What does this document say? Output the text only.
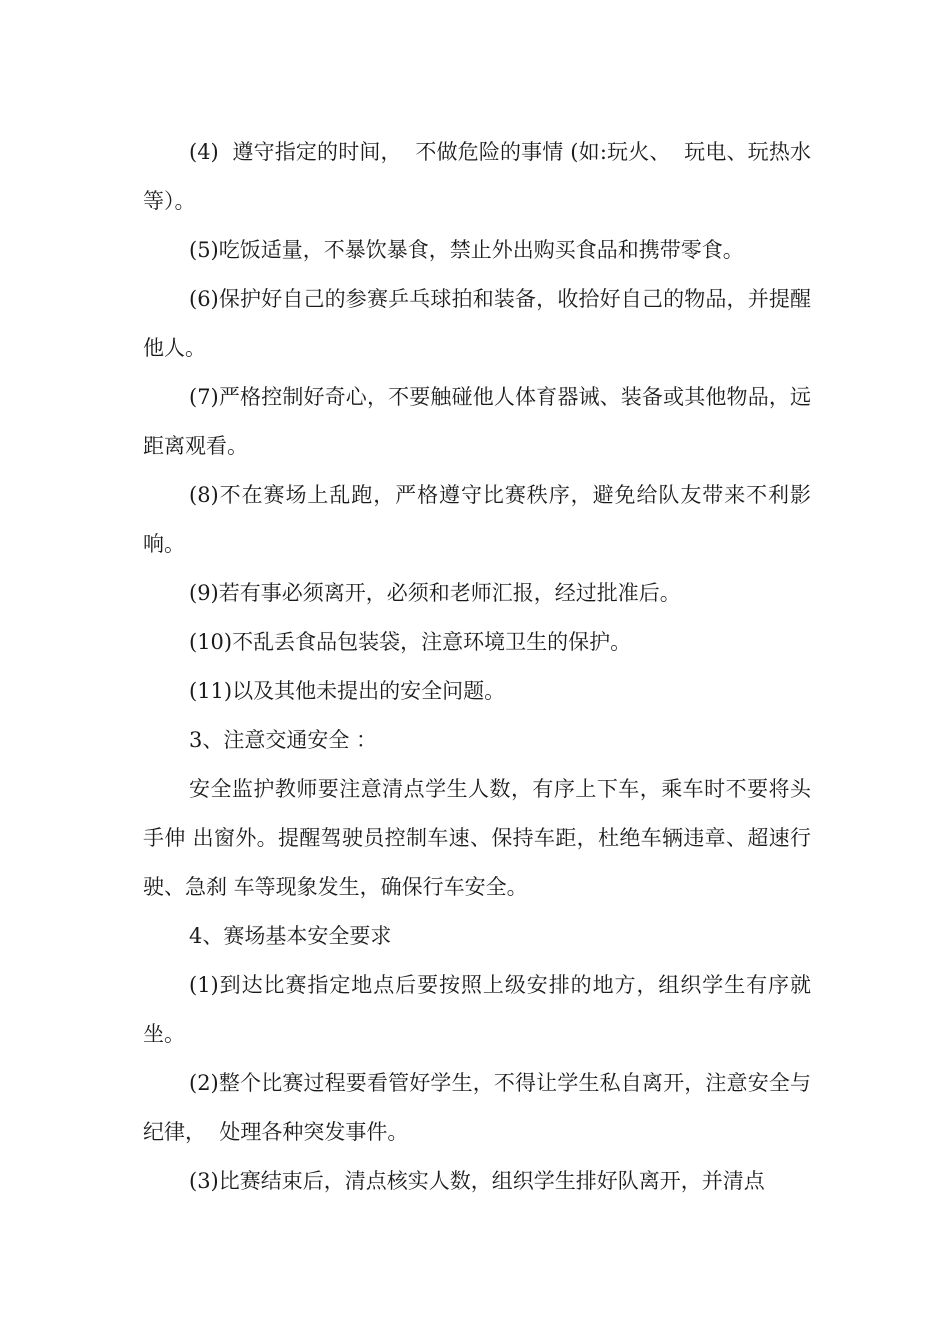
(4)  遵守指定的时间，  不做危险的事情 (如:玩火、  玩电、玩热水等）。

(5)吃饭适量，不暴饮暴食，禁止外出购买食品和携带零食。

(6)保护好自己的参赛乒乓球拍和装备，收拾好自己的物品，并提醒他人。

(7)严格控制好奇心，不要触碰他人体育器诫、装备或其他物品，远距离观看。

(8)不在赛场上乱跑，严格遵守比赛秩序，避免给队友带来不利影响。

(9)若有事必须离开，必须和老师汇报，经过批准后。

(10)不乱丢食品包装袋，注意环境卫生的保护。

(11)以及其他未提出的安全问题。

3、注意交通安全 ：

安全监护教师要注意清点学生人数，有序上下车，乘车时不要将头手伸 出窗外。提醒驾驶员控制车速、保持车距，杜绝车辆违章、超速行驶、急刹 车等现象发生，确保行车安全。

4、赛场基本安全要求

(1)到达比赛指定地点后要按照上级安排的地方，组织学生有序就坐。

(2)整个比赛过程要看管好学生，不得让学生私自离开，注意安全与纪律，  处理各种突发事件。

(3)比赛结束后，清点核实人数，组织学生排好队离开，并清点
